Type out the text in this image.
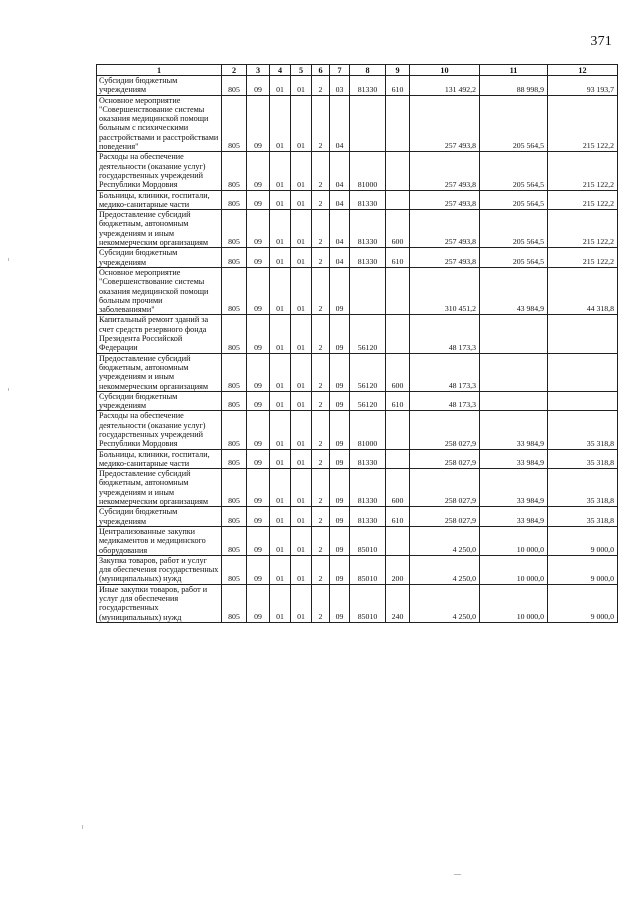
371
1	2	3	4	5	6	7	8	9	10	11	12
Субсидии бюджетным учреждениям	805	09	01	01	2	03	81330	610	131 492,2	88 998,9	93 193,7
Основное мероприятие "Совершенствование системы оказания медицинской помощи больным с психическими расстройствами и расстройствами поведения"	805	09	01	01	2	04			257 493,8	205 564,5	215 122,2
Расходы на обеспечение деятельности (оказание услуг) государственных учреждений Республики Мордовия	805	09	01	01	2	04	81000		257 493,8	205 564,5	215 122,2
Больницы, клиники, госпитали, медико-санитарные части	805	09	01	01	2	04	81330		257 493,8	205 564,5	215 122,2
Предоставление субсидий бюджетным, автономным учреждениям и иным некоммерческим организациям	805	09	01	01	2	04	81330	600	257 493,8	205 564,5	215 122,2
Субсидии бюджетным учреждениям	805	09	01	01	2	04	81330	610	257 493,8	205 564,5	215 122,2
Основное мероприятие "Совершенствование системы оказания медицинской помощи больным прочими заболеваниями"	805	09	01	01	2	09			310 451,2	43 984,9	44 318,8
Капитальный ремонт зданий за счет средств резервного фонда Президента Российской Федерации	805	09	01	01	2	09	56120		48 173,3		
Предоставление субсидий бюджетным, автономным учреждениям и иным некоммерческим организациям	805	09	01	01	2	09	56120	600	48 173,3		
Субсидии бюджетным учреждениям	805	09	01	01	2	09	56120	610	48 173,3		
Расходы на обеспечение деятельности (оказание услуг) государственных учреждений Республики Мордовия	805	09	01	01	2	09	81000		258 027,9	33 984,9	35 318,8
Больницы, клиники, госпитали, медико-санитарные части	805	09	01	01	2	09	81330		258 027,9	33 984,9	35 318,8
Предоставление субсидий бюджетным, автономным учреждениям и иным некоммерческим организациям	805	09	01	01	2	09	81330	600	258 027,9	33 984,9	35 318,8
Субсидии бюджетным учреждениям	805	09	01	01	2	09	81330	610	258 027,9	33 984,9	35 318,8
Централизованные закупки медикаментов и медицинского оборудования	805	09	01	01	2	09	85010		4 250,0	10 000,0	9 000,0
Закупка товаров, работ и услуг для обеспечения государственных (муниципальных) нужд	805	09	01	01	2	09	85010	200	4 250,0	10 000,0	9 000,0
Иные закупки товаров, работ и услуг для обеспечения государственных (муниципальных) нужд	805	09	01	01	2	09	85010	240	4 250,0	10 000,0	9 000,0
